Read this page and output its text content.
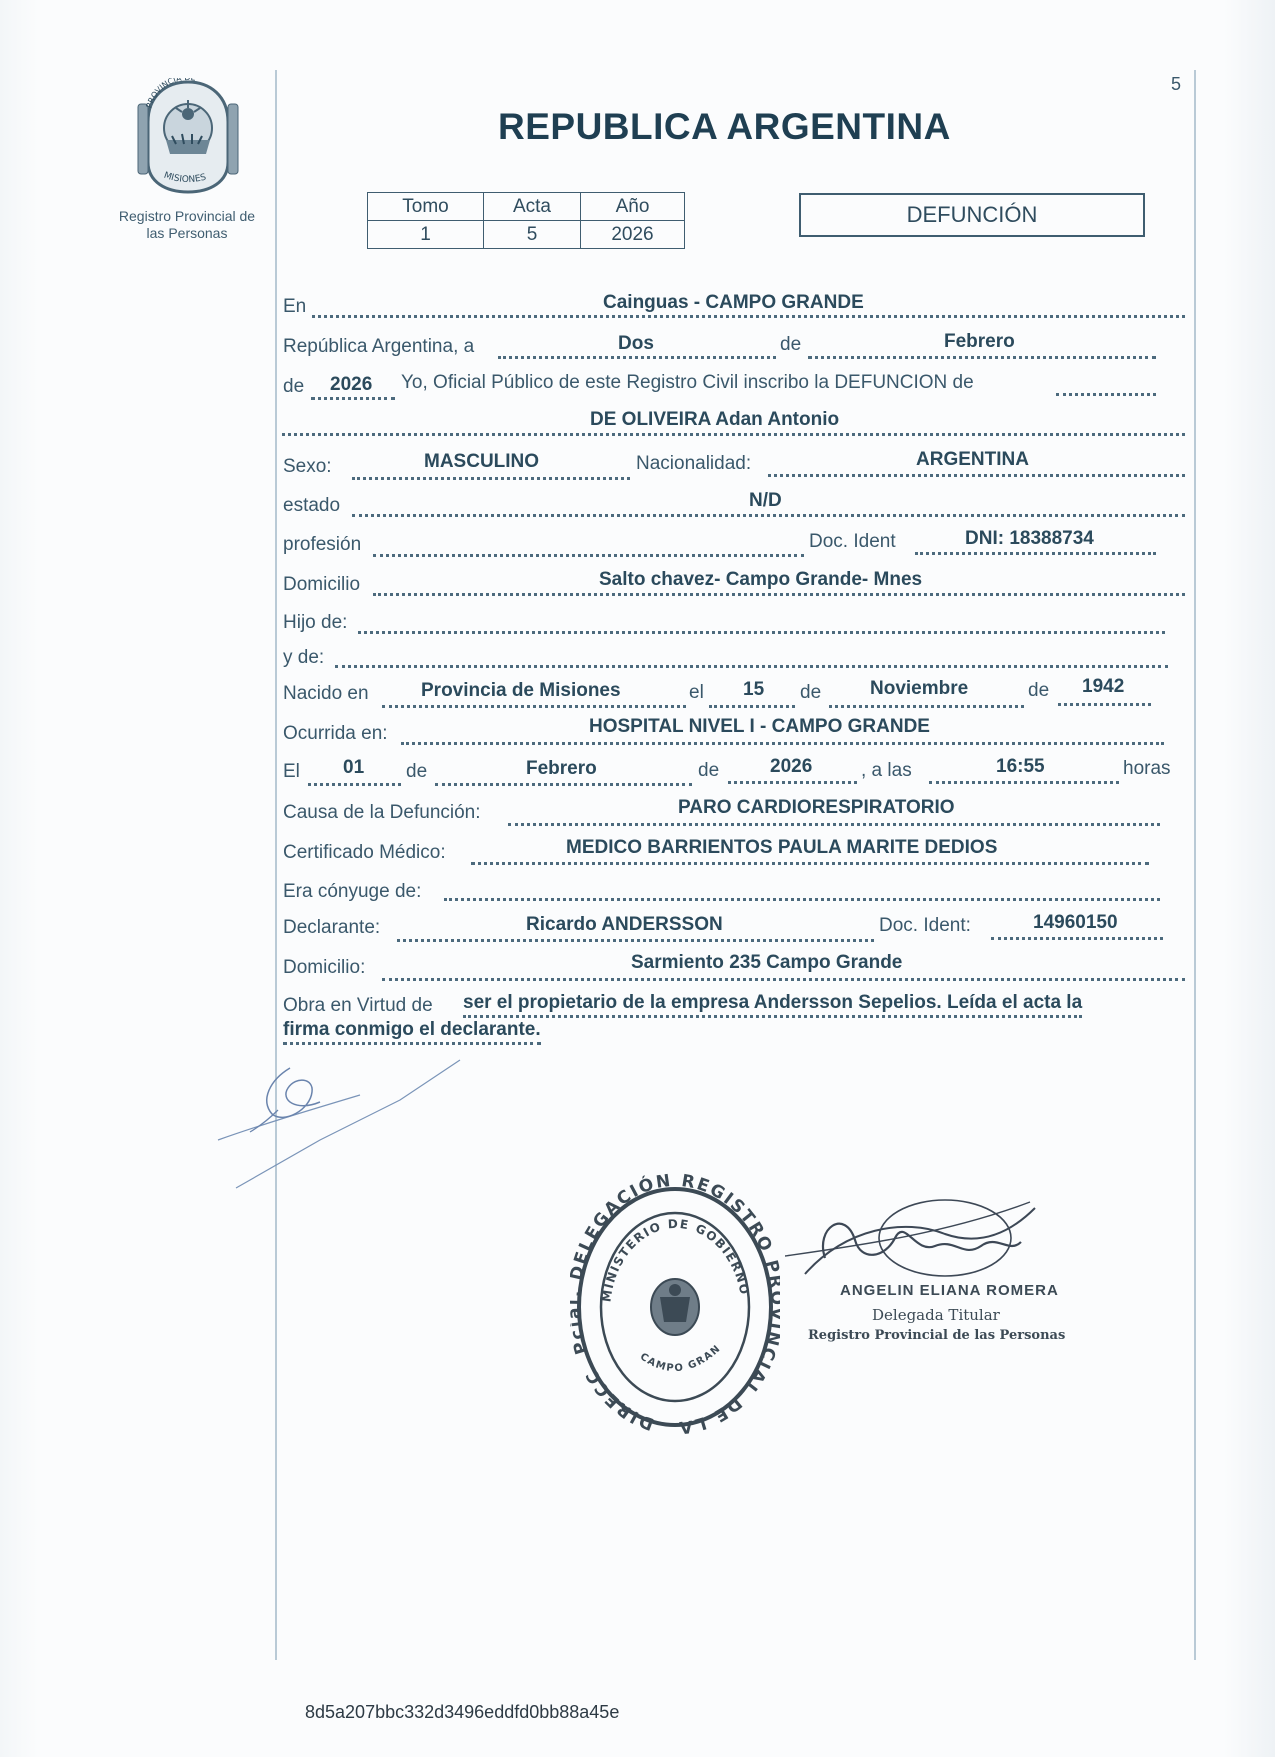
5
PROVINCIA
MISIONES
Registro Provincial de
las Personas
REPUBLICA ARGENTINA
Tomo	Acta	Año
1	5	2026
DEFUNCIÓN
En	Cainguas - CAMPO GRANDE
República Argentina, a	Dos	de	Febrero
de 2026 Yo, Oficial Público de este Registro Civil inscribo la DEFUNCION de
DE OLIVEIRA Adan Antonio
Sexo:	MASCULINO	Nacionalidad:	ARGENTINA
estado	N/D
profesión	Doc. Ident	DNI: 18388734
Domicilio	Salto chavez- Campo Grande- Mnes
Hijo de:
y de:
Nacido en	Provincia de Misiones	el 15 de	Noviembre	de 1942
Ocurrida en:	HOSPITAL NIVEL I - CAMPO GRANDE
El 01 de	Febrero	de	2026	, a las	16:55	horas
Causa de la Defunción:	PARO CARDIORESPIRATORIO
Certificado Médico:	MEDICO BARRIENTOS PAULA MARITE DEDIOS
Era cónyuge de:
Declarante:	Ricardo ANDERSSON	Doc. Ident:	14960150
Domicilio:	Sarmiento 235 Campo Grande
Obra en Virtud de ser el propietario de la empresa Andersson Sepelios. Leída el acta la
firma conmigo el declarante.
DIRECC. P ELEGACIÓN REGISTRO CIAL DE LA
MINISTERIO DE GOBIERNO
CAMPO GRAN
ANGELIN ELIANA ROMERA
Delegada Titular
Registro Provincial de las Personas
8d5a207bbc332d3496eddfd0bb88a45e
